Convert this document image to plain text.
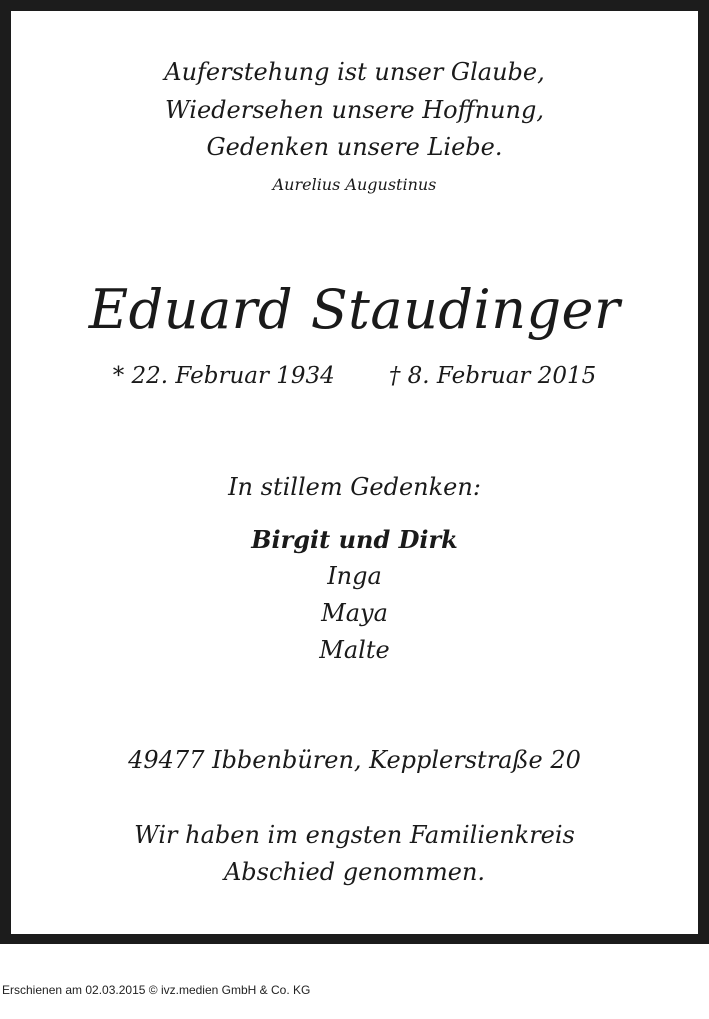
Auferstehung ist unser Glaube,
Wiedersehen unsere Hoffnung,
Gedenken unsere Liebe.
Aurelius Augustinus
Eduard Staudinger
* 22. Februar 1934 † 8. Februar 2015
In stillem Gedenken:
Birgit und Dirk
Inga
Maya
Malte
49477 Ibbenbüren, Kepplerstraße 20
Wir haben im engsten Familienkreis
Abschied genommen.
Erschienen am 02.03.2015 © ivz.medien GmbH & Co. KG
